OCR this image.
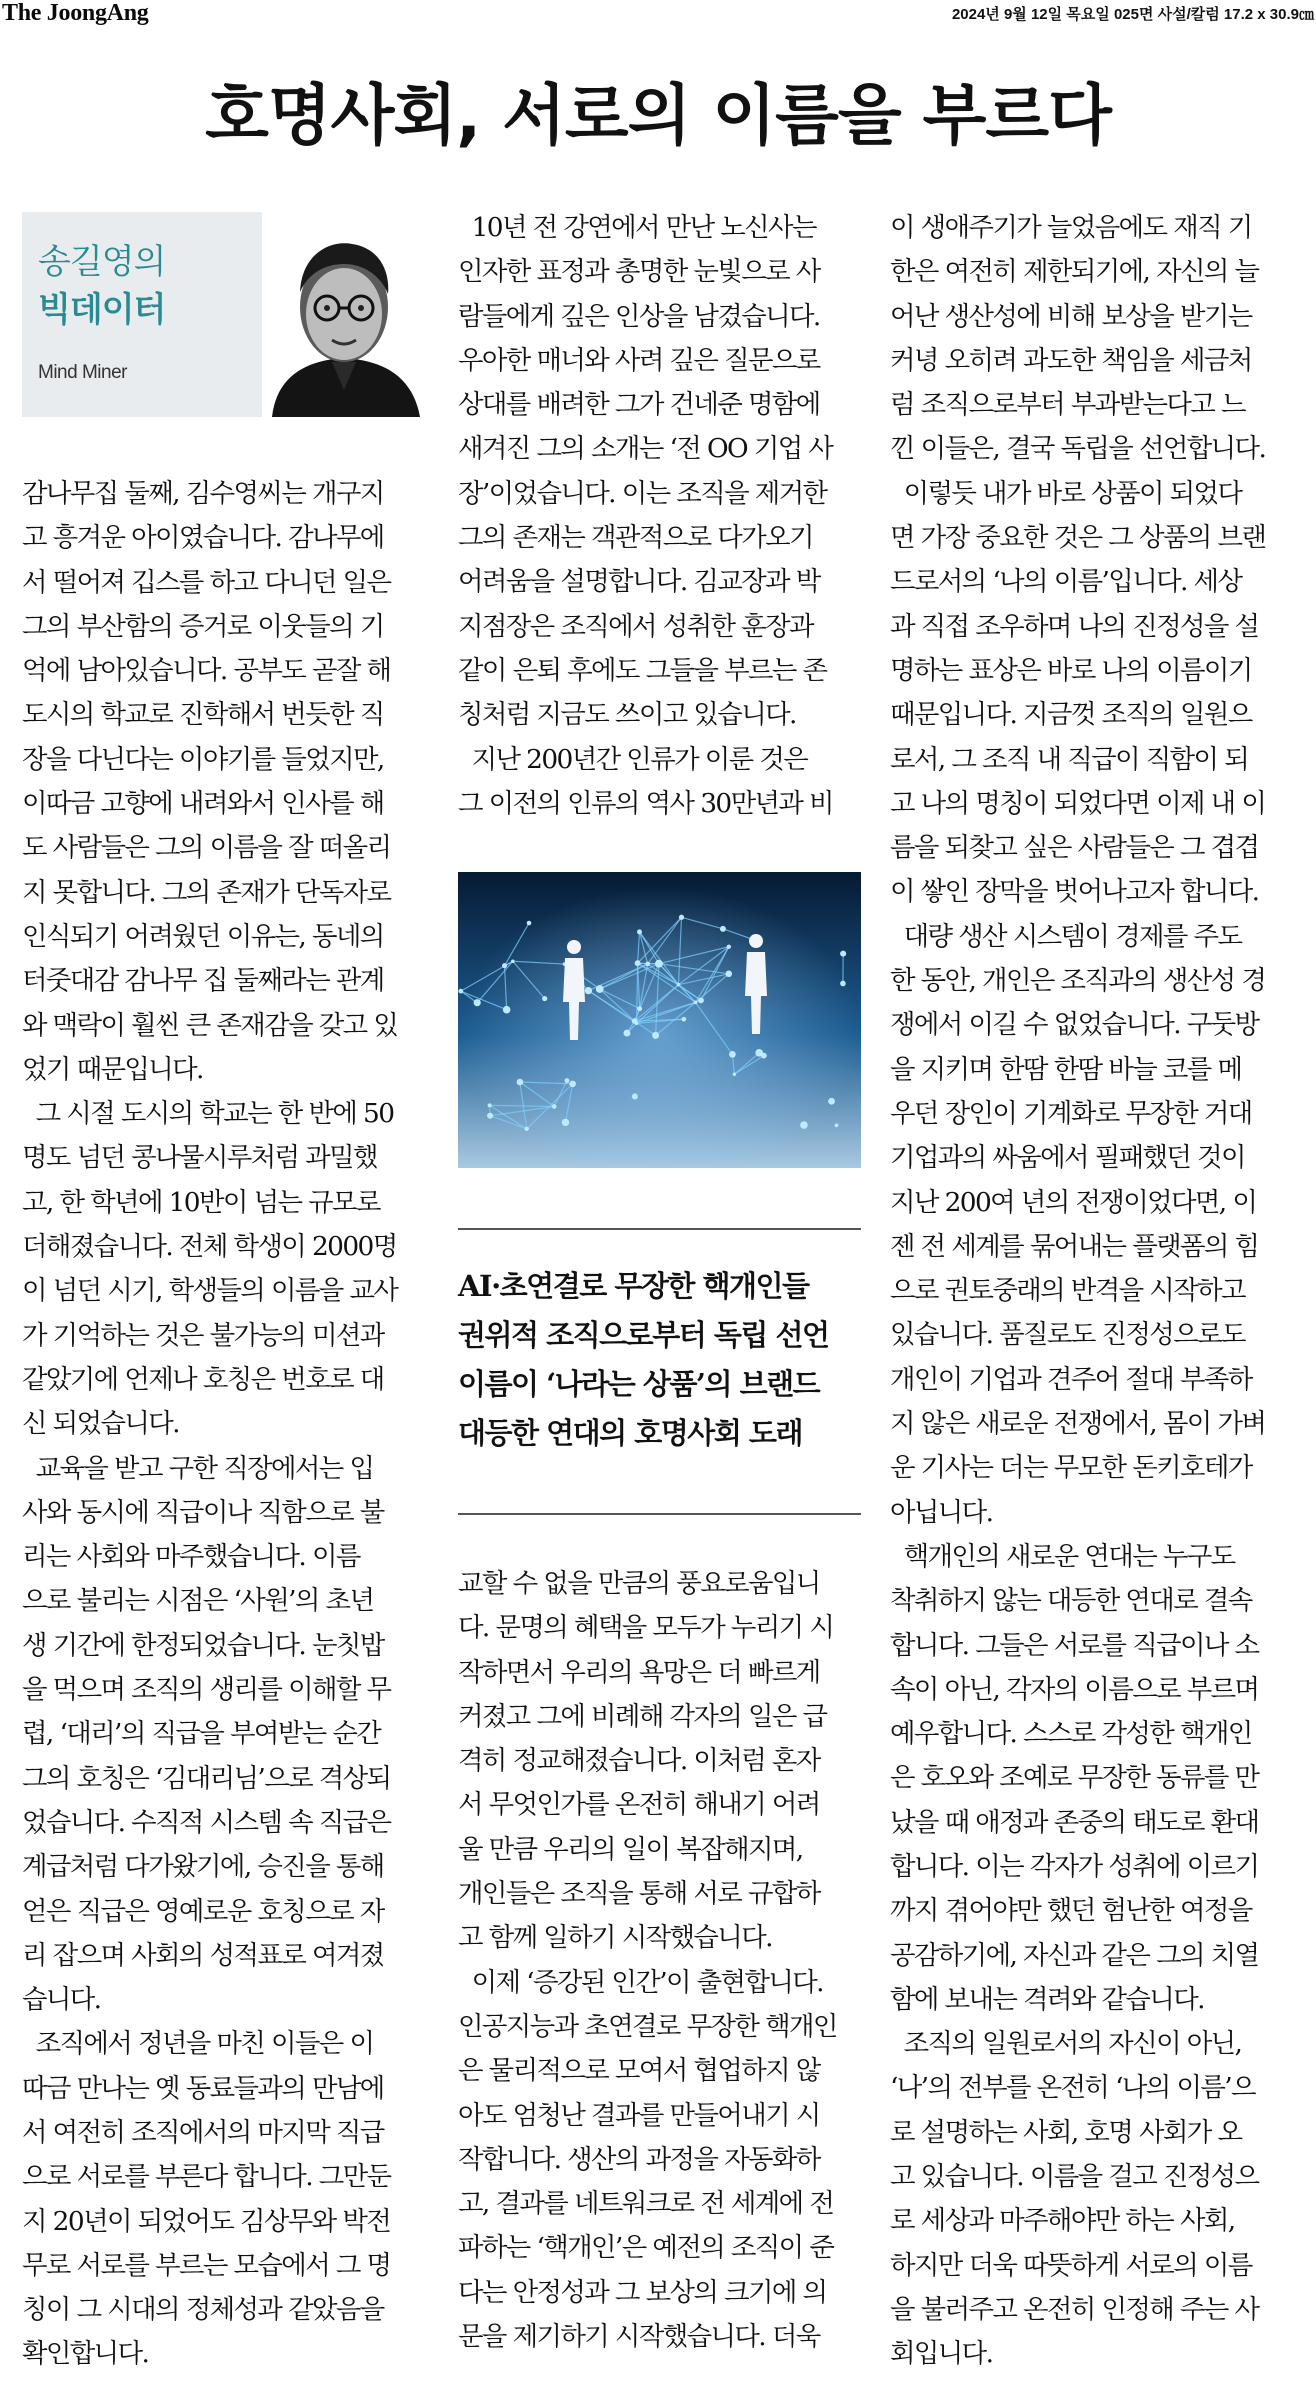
The JoongAng	2024년 9월 12일 목요일 025면 사설/칼럼 17.2 x 30.9㎝
호명사회, 서로의 이름을 부르다
송길영의
빅데이터
Mind Miner
감나무집 둘째, 김수영씨는 개구지
고 흥겨운 아이였습니다. 감나무에
서 떨어져 깁스를 하고 다니던 일은
그의 부산함의 증거로 이웃들의 기
억에 남아있습니다. 공부도 곧잘 해
도시의 학교로 진학해서 번듯한 직
장을 다닌다는 이야기를 들었지만,
이따금 고향에 내려와서 인사를 해
도 사람들은 그의 이름을 잘 떠올리
지 못합니다. 그의 존재가 단독자로
인식되기 어려웠던 이유는, 동네의
터줏대감 감나무 집 둘째라는 관계
와 맥락이 훨씬 큰 존재감을 갖고 있
었기 때문입니다.
그 시절 도시의 학교는 한 반에 50
명도 넘던 콩나물시루처럼 과밀했
고, 한 학년에 10반이 넘는 규모로
더해졌습니다. 전체 학생이 2000명
이 넘던 시기, 학생들의 이름을 교사
가 기억하는 것은 불가능의 미션과
같았기에 언제나 호칭은 번호로 대
신 되었습니다.
교육을 받고 구한 직장에서는 입
사와 동시에 직급이나 직함으로 불
리는 사회와 마주했습니다. 이름
으로 불리는 시점은 ‘사원’의 초년
생 기간에 한정되었습니다. 눈칫밥
을 먹으며 조직의 생리를 이해할 무
렵, ‘대리’의 직급을 부여받는 순간
그의 호칭은 ‘김대리님’으로 격상되
었습니다. 수직적 시스템 속 직급은
계급처럼 다가왔기에, 승진을 통해
얻은 직급은 영예로운 호칭으로 자
리 잡으며 사회의 성적표로 여겨졌
습니다.
조직에서 정년을 마친 이들은 이
따금 만나는 옛 동료들과의 만남에
서 여전히 조직에서의 마지막 직급
으로 서로를 부른다 합니다. 그만둔
지 20년이 되었어도 김상무와 박전
무로 서로를 부르는 모습에서 그 명
칭이 그 시대의 정체성과 같았음을
확인합니다.
10년 전 강연에서 만난 노신사는
인자한 표정과 총명한 눈빛으로 사
람들에게 깊은 인상을 남겼습니다.
우아한 매너와 사려 깊은 질문으로
상대를 배려한 그가 건네준 명함에
새겨진 그의 소개는 ‘전 OO 기업 사
장’이었습니다. 이는 조직을 제거한
그의 존재는 객관적으로 다가오기
어려움을 설명합니다. 김교장과 박
지점장은 조직에서 성취한 훈장과
같이 은퇴 후에도 그들을 부르는 존
칭처럼 지금도 쓰이고 있습니다.
지난 200년간 인류가 이룬 것은
그 이전의 인류의 역사 30만년과 비
AI·초연결로 무장한 핵개인들
권위적 조직으로부터 독립 선언
이름이 ‘나라는 상품’의 브랜드
대등한 연대의 호명사회 도래
교할 수 없을 만큼의 풍요로움입니
다. 문명의 혜택을 모두가 누리기 시
작하면서 우리의 욕망은 더 빠르게
커졌고 그에 비례해 각자의 일은 급
격히 정교해졌습니다. 이처럼 혼자
서 무엇인가를 온전히 해내기 어려
울 만큼 우리의 일이 복잡해지며,
개인들은 조직을 통해 서로 규합하
고 함께 일하기 시작했습니다.
이제 ‘증강된 인간’이 출현합니다.
인공지능과 초연결로 무장한 핵개인
은 물리적으로 모여서 협업하지 않
아도 엄청난 결과를 만들어내기 시
작합니다. 생산의 과정을 자동화하
고, 결과를 네트워크로 전 세계에 전
파하는 ‘핵개인’은 예전의 조직이 준
다는 안정성과 그 보상의 크기에 의
문을 제기하기 시작했습니다. 더욱
이 생애주기가 늘었음에도 재직 기
한은 여전히 제한되기에, 자신의 늘
어난 생산성에 비해 보상을 받기는
커녕 오히려 과도한 책임을 세금처
럼 조직으로부터 부과받는다고 느
낀 이들은, 결국 독립을 선언합니다.
이렇듯 내가 바로 상품이 되었다
면 가장 중요한 것은 그 상품의 브랜
드로서의 ‘나의 이름’입니다. 세상
과 직접 조우하며 나의 진정성을 설
명하는 표상은 바로 나의 이름이기
때문입니다. 지금껏 조직의 일원으
로서, 그 조직 내 직급이 직함이 되
고 나의 명칭이 되었다면 이제 내 이
름을 되찾고 싶은 사람들은 그 겹겹
이 쌓인 장막을 벗어나고자 합니다.
대량 생산 시스템이 경제를 주도
한 동안, 개인은 조직과의 생산성 경
쟁에서 이길 수 없었습니다. 구둣방
을 지키며 한땀 한땀 바늘 코를 메
우던 장인이 기계화로 무장한 거대
기업과의 싸움에서 필패했던 것이
지난 200여 년의 전쟁이었다면, 이
젠 전 세계를 묶어내는 플랫폼의 힘
으로 권토중래의 반격을 시작하고
있습니다. 품질로도 진정성으로도
개인이 기업과 견주어 절대 부족하
지 않은 새로운 전쟁에서, 몸이 가벼
운 기사는 더는 무모한 돈키호테가
아닙니다.
핵개인의 새로운 연대는 누구도
착취하지 않는 대등한 연대로 결속
합니다. 그들은 서로를 직급이나 소
속이 아닌, 각자의 이름으로 부르며
예우합니다. 스스로 각성한 핵개인
은 호오와 조예로 무장한 동류를 만
났을 때 애정과 존중의 태도로 환대
합니다. 이는 각자가 성취에 이르기
까지 겪어야만 했던 험난한 여정을
공감하기에, 자신과 같은 그의 치열
함에 보내는 격려와 같습니다.
조직의 일원로서의 자신이 아닌,
‘나’의 전부를 온전히 ‘나의 이름’으
로 설명하는 사회, 호명 사회가 오
고 있습니다. 이름을 걸고 진정성으
로 세상과 마주해야만 하는 사회,
하지만 더욱 따뜻하게 서로의 이름
을 불러주고 온전히 인정해 주는 사
회입니다.
